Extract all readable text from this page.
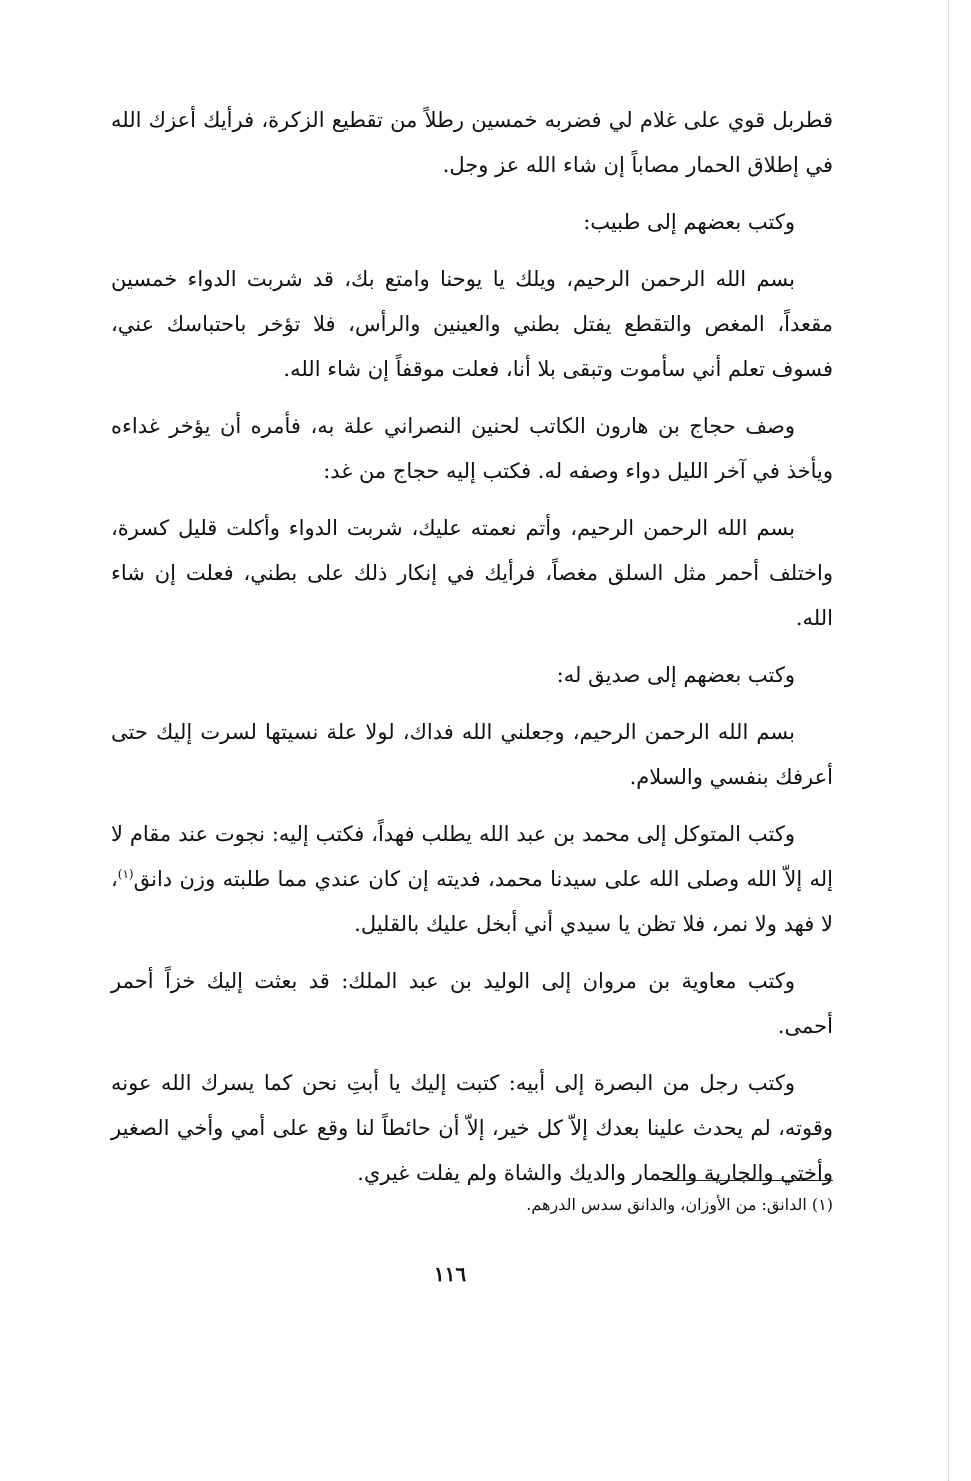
قطربل قوي على غلام لي فضربه خمسين رطلاً من تقطيع الزكرة، فرأيك أعزك الله في إطلاق الحمار مصاباً إن شاء الله عز وجل.

وكتب بعضهم إلى طبيب:

بسم الله الرحمن الرحيم، ويلك يا يوحنا وامتع بك، قد شربت الدواء خمسين مقعداً، المغص والتقطع يفتل بطني والعينين والرأس، فلا تؤخر باحتباسك عني، فسوف تعلم أني سأموت وتبقى بلا أنا، فعلت موقفاً إن شاء الله.

وصف حجاج بن هارون الكاتب لحنين النصراني علة به، فأمره أن يؤخر غداءه ويأخذ في آخر الليل دواء وصفه له. فكتب إليه حجاج من غد:

بسم الله الرحمن الرحيم، وأتم نعمته عليك، شربت الدواء وأكلت قليل كسرة، واختلف أحمر مثل السلق مغصاً، فرأيك في إنكار ذلك على بطني، فعلت إن شاء الله.

وكتب بعضهم إلى صديق له:

بسم الله الرحمن الرحيم، وجعلني الله فداك، لولا علة نسيتها لسرت إليك حتى أعرفك بنفسي والسلام.

وكتب المتوكل إلى محمد بن عبد الله يطلب فهداً، فكتب إليه: نجوت عند مقام لا إله إلاّ الله وصلى الله على سيدنا محمد، فديته إن كان عندي مما طلبته وزن دانق$^{(١)}$، لا فهد ولا نمر، فلا تظن يا سيدي أني أبخل عليك بالقليل.

وكتب معاوية بن مروان إلى الوليد بن عبد الملك: قد بعثت إليك خزاً أحمر أحمى.

وكتب رجل من البصرة إلى أبيه: كتبت إليك يا أبتِ نحن كما يسرك الله عونه وقوته، لم يحدث علينا بعدك إلاّ كل خير، إلاّ أن حائطاً لنا وقع على أمي وأخي الصغير وأختي والجارية والحمار والديك والشاة ولم يفلت غيري.

(١) الدانق: من الأوزان، والدانق سدس الدرهم.
١١٦
